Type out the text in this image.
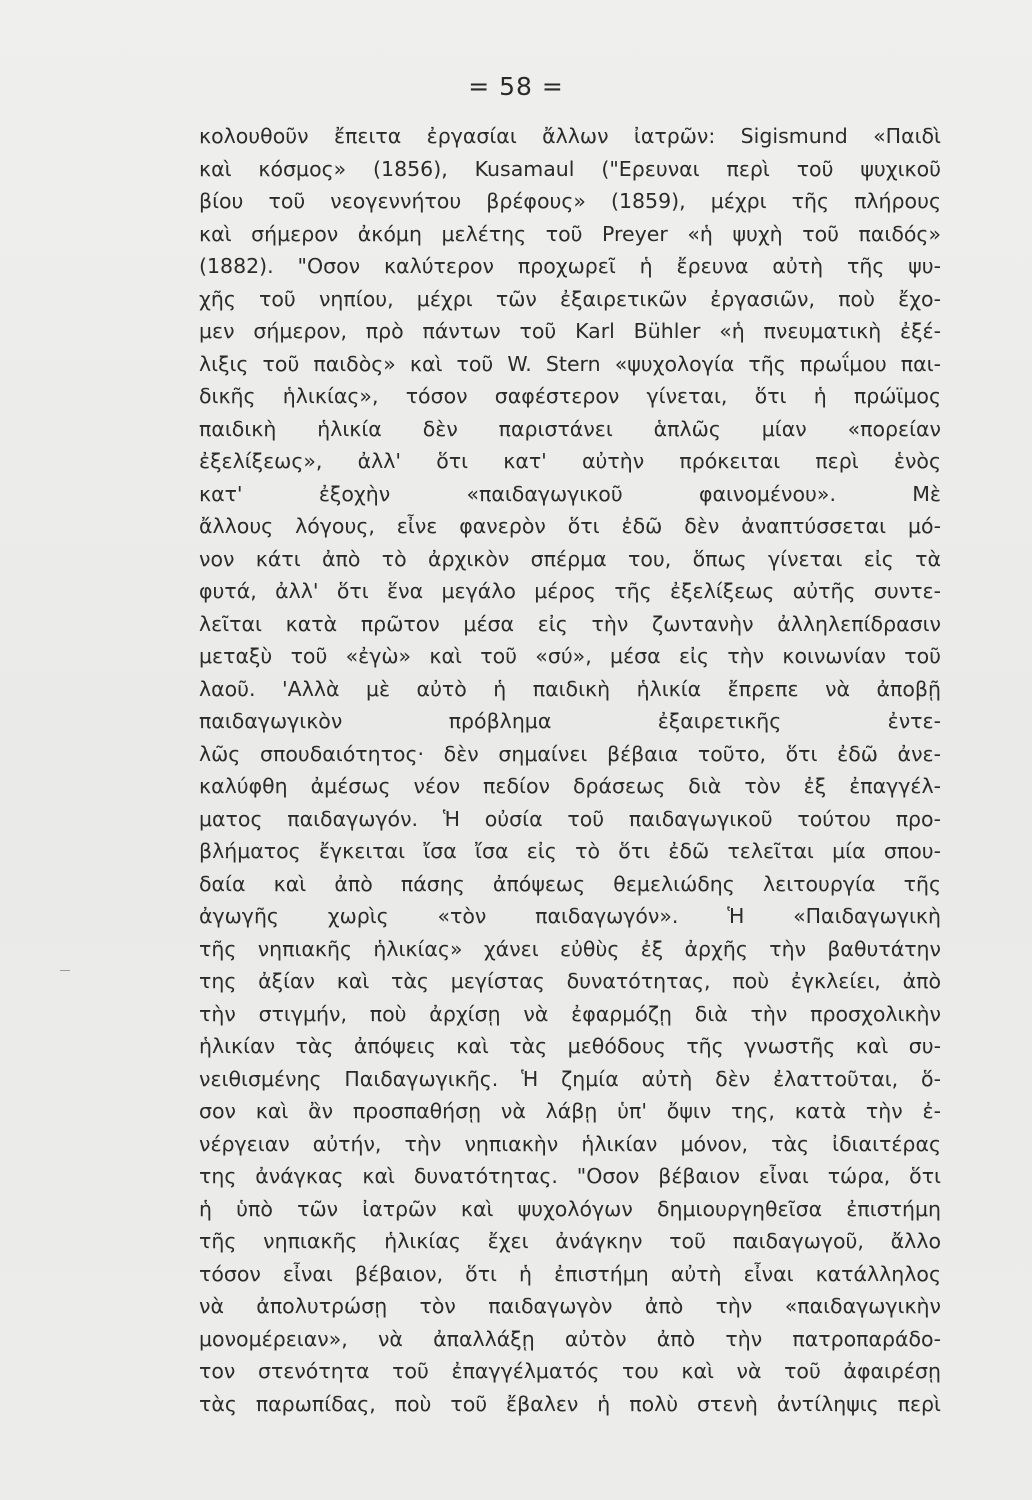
= 58 =
κολουθοῦν ἔπειτα ἐργασίαι ἄλλων ἰατρῶν: Sigismund «Παιδὶ
καὶ κόσμος» (1856), Kusamaul ("Ερευναι περὶ τοῦ ψυχικοῦ
βίου τοῦ νεογεννήτου βρέφους» (1859), μέχρι τῆς πλήρους
καὶ σήμερον ἀκόμη μελέτης τοῦ Preyer «ἡ ψυχὴ τοῦ παιδός»
(1882). "Οσον καλύτερον προχωρεῖ ἡ ἔρευνα αὐτὴ τῆς ψυ-
χῆς τοῦ νηπίου, μέχρι τῶν ἐξαιρετικῶν ἐργασιῶν, ποὺ ἔχο-
μεν σήμερον, πρὸ πάντων τοῦ Karl Bühler «ἡ πνευματικὴ ἐξέ-
λιξις τοῦ παιδὸς» καὶ τοῦ W. Stern «ψυχολογία τῆς πρωΐμου παι-
δικῆς ἡλικίας», τόσον σαφέστερον γίνεται, ὅτι ἡ πρώϊμος
παιδικὴ ἡλικία δὲν παριστάνει ἁπλῶς μίαν «πορείαν
ἐξελίξεως», ἀλλ' ὅτι κατ' αὐτὴν πρόκειται περὶ ἑνὸς
κατ' ἐξοχὴν «παιδαγωγικοῦ φαινομένου». Μὲ
ἄλλους λόγους, εἶνε φανερὸν ὅτι ἐδῶ δὲν ἀναπτύσσεται μό-
νον κάτι ἀπὸ τὸ ἀρχικὸν σπέρμα του, ὅπως γίνεται εἰς τὰ
φυτά, ἀλλ' ὅτι ἕνα μεγάλο μέρος τῆς ἐξελίξεως αὐτῆς συντε-
λεῖται κατὰ πρῶτον μέσα εἰς τὴν ζωντανὴν ἀλληλεπίδρασιν
μεταξὺ τοῦ «ἐγὼ» καὶ τοῦ «σύ», μέσα εἰς τὴν κοινωνίαν τοῦ
λαοῦ. 'Αλλὰ μὲ αὐτὸ ἡ παιδικὴ ἡλικία ἔπρεπε νὰ ἀποβῇ
παιδαγωγικὸν πρόβλημα ἐξαιρετικῆς ἐντε-
λῶς σπουδαιότητος· δὲν σημαίνει βέβαια τοῦτο, ὅτι ἐδῶ ἀνε-
καλύφθη ἀμέσως νέον πεδίον δράσεως διὰ τὸν ἐξ ἐπαγγέλ-
ματος παιδαγωγόν. Ἡ οὐσία τοῦ παιδαγωγικοῦ τούτου προ-
βλήματος ἔγκειται ἴσα ἴσα εἰς τὸ ὅτι ἐδῶ τελεῖται μία σπου-
δαία καὶ ἀπὸ πάσης ἀπόψεως θεμελιώδης λειτουργία τῆς
ἀγωγῆς χωρὶς «τὸν παιδαγωγόν». Ἡ «Παιδαγωγικὴ
τῆς νηπιακῆς ἡλικίας» χάνει εὐθὺς ἐξ ἀρχῆς τὴν βαθυτάτην
της ἀξίαν καὶ τὰς μεγίστας δυνατότητας, ποὺ ἐγκλείει, ἀπὸ
τὴν στιγμήν, ποὺ ἀρχίσῃ νὰ ἐφαρμόζῃ διὰ τὴν προσχολικὴν
ἡλικίαν τὰς ἀπόψεις καὶ τὰς μεθόδους τῆς γνωστῆς καὶ συ-
νειθισμένης Παιδαγωγικῆς. Ἡ ζημία αὐτὴ δὲν ἐλαττοῦται, ὅ-
σον καὶ ἂν προσπαθήσῃ νὰ λάβῃ ὑπ' ὄψιν της, κατὰ τὴν ἐ-
νέργειαν αὐτήν, τὴν νηπιακὴν ἡλικίαν μόνον, τὰς ἰδιαιτέρας
της ἀνάγκας καὶ δυνατότητας. "Οσον βέβαιον εἶναι τώρα, ὅτι
ἡ ὑπὸ τῶν ἰατρῶν καὶ ψυχολόγων δημιουργηθεῖσα ἐπιστήμη
τῆς νηπιακῆς ἡλικίας ἔχει ἀνάγκην τοῦ παιδαγωγοῦ, ἄλλο
τόσον εἶναι βέβαιον, ὅτι ἡ ἐπιστήμη αὐτὴ εἶναι κατάλληλος
νὰ ἀπολυτρώσῃ τὸν παιδαγωγὸν ἀπὸ τὴν «παιδαγωγικὴν
μονομέρειαν», νὰ ἀπαλλάξῃ αὐτὸν ἀπὸ τὴν πατροπαράδο-
τον στενότητα τοῦ ἐπαγγέλματός του καὶ νὰ τοῦ ἀφαιρέσῃ
τὰς παρωπίδας, ποὺ τοῦ ἔβαλεν ἡ πολὺ στενὴ ἀντίληψις περὶ
